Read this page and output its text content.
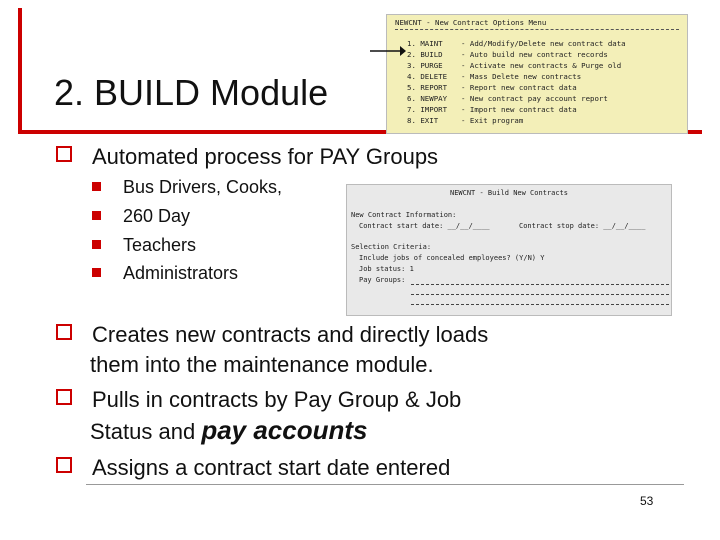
2. BUILD Module
NEWCNT - New Contract Options Menu
1. MAINT - Add/Modify/Delete new contract data
2. BUILD - Auto build new contract records
3. PURGE - Activate new contracts & Purge old
4. DELETE - Mass Delete new contracts
5. REPORT - Report new contract data
6. NEWPAY - New contract pay account report
7. IMPORT - Import new contract data
8. EXIT	- Exit program
Automated process for PAY Groups
Bus Drivers, Cooks,
260 Day
Teachers
Administrators
NEWCNT - Build New Contracts
New Contract Information:
Contract start date: __/__/____	Contract stop date: __/__/____
Selection Criteria:
Include jobs of concealed employees? (Y/N) Y
Job status: 1
Pay Groups:
Creates new contracts and directly loads
them into the maintenance module.
Pulls in contracts by Pay Group & Job
Status and pay accounts
Assigns a contract start date entered
53
